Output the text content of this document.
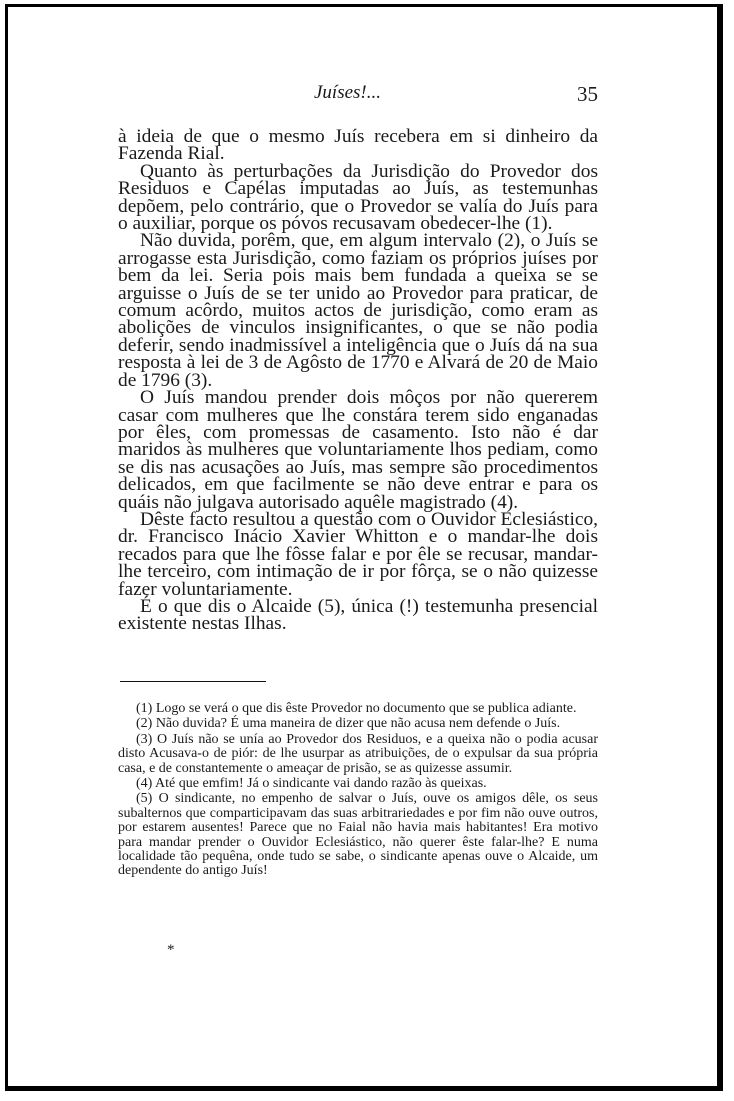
Juíses!...	35

à ideia de que o mesmo Juís recebera em si dinheiro da Fazenda Rial.

Quanto às perturbações da Jurisdição do Provedor dos Residuos e Capélas imputadas ao Juís, as testemunhas depõem, pelo contrário, que o Provedor se valía do Juís para o auxiliar, porque os póvos recusavam obedecer-lhe (1).

Não duvida, porêm, que, em algum intervalo (2), o Juís se arrogasse esta Jurisdição, como faziam os próprios juíses por bem da lei. Seria pois mais bem fundada a queixa se se arguisse o Juís de se ter unido ao Provedor para praticar, de comum acôrdo, muitos actos de jurisdição, como eram as abolições de vinculos insignificantes, o que se não podia deferir, sendo inadmissível a inteligência que o Juís dá na sua resposta à lei de 3 de Agôsto de 1770 e Alvará de 20 de Maio de 1796 (3).

O Juís mandou prender dois môços por não quererem casar com mulheres que lhe constára terem sido enganadas por êles, com promessas de casamento. Isto não é dar maridos às mulheres que voluntariamente lhos pediam, como se dis nas acusações ao Juís, mas sempre são procedimentos delicados, em que facilmente se não deve entrar e para os quáis não julgava autorisado aquêle magistrado (4).

Dêste facto resultou a questão com o Ouvidor Eclesiástico, dr. Francisco Inácio Xavier Whitton e o mandar-lhe dois recados para que lhe fôsse falar e por êle se recusar, mandar-lhe terceiro, com intimação de ir por fôrça, se o não quizesse fazer voluntariamente.

É o que dis o Alcaide (5), única (!) testemunha presencial existente nestas Ilhas.

(1) Logo se verá o que dis êste Provedor no documento que se publica adiante.

(2) Não duvida? É uma maneira de dizer que não acusa nem defende o Juís.

(3) O Juís não se unía ao Provedor dos Residuos, e a queixa não o podia acusar disto Acusava-o de piór: de lhe usurpar as atribuições, de o expulsar da sua própria casa, e de constantemente o ameaçar de prisão, se as quizesse assumir.

(4) Até que emfim! Já o sindicante vai dando razão às queixas.

(5) O sindicante, no empenho de salvar o Juís, ouve os amigos dêle, os seus subalternos que comparticipavam das suas arbitrariedades e por fim não ouve outros, por estarem ausentes! Parece que no Faial não havia mais habitantes! Era motivo para mandar prender o Ouvidor Eclesiástico, não querer êste falar-lhe? E numa localidade tão pequêna, onde tudo se sabe, o sindicante apenas ouve o Alcaide, um dependente do antigo Juís!

*
